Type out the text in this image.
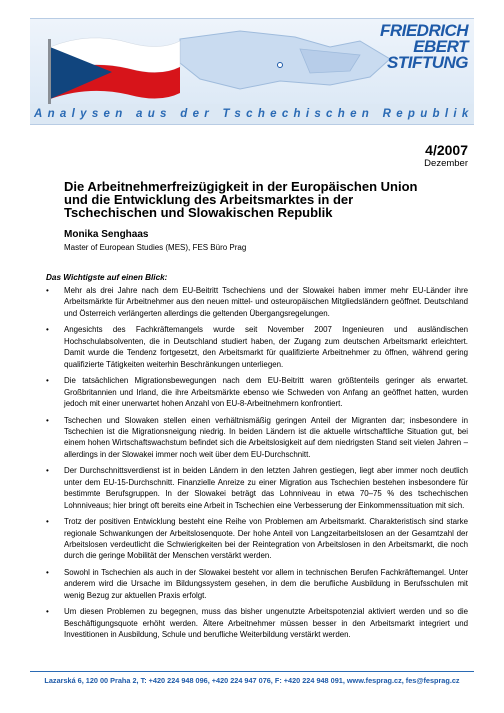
FRIEDRICH
EBERT
STIFTUNG
Analysen aus der Tschechischen Republik
4/2007
Dezember
Die Arbeitnehmerfreizügigkeit in der Europäischen Union
und die Entwicklung des Arbeitsmarktes in der
Tschechischen und Slowakischen Republik
Monika Senghaas
Master of European Studies (MES), FES Büro Prag
Das Wichtigste auf einen Blick:
• Mehr als drei Jahre nach dem EU-Beitritt Tschechiens und der Slowakei haben immer mehr EU-Länder ihre Arbeitsmärkte für Arbeitnehmer aus den neuen mittel- und osteuropäischen Mitgliedsländern geöffnet. Deutschland und Österreich verlängerten allerdings die geltenden Übergangsregelungen.
• Angesichts des Fachkräftemangels wurde seit November 2007 Ingenieuren und ausländischen Hochschulabsolventen, die in Deutschland studiert haben, der Zugang zum deutschen Arbeitsmarkt erleichtert. Damit wurde die Tendenz fortgesetzt, den Arbeitsmarkt für qualifizierte Arbeitnehmer zu öffnen, während gering qualifizierte Tätigkeiten weiterhin Beschränkungen unterliegen.
• Die tatsächlichen Migrationsbewegungen nach dem EU-Beitritt waren größtenteils geringer als erwartet. Großbritannien und Irland, die ihre Arbeitsmärkte ebenso wie Schweden von Anfang an geöffnet hatten, wurden jedoch mit einer unerwartet hohen Anzahl von EU-8-Arbeitnehmern konfrontiert.
• Tschechen und Slowaken stellen einen verhältnismäßig geringen Anteil der Migranten dar; insbesondere in Tschechien ist die Migrationsneigung niedrig. In beiden Ländern ist die aktuelle wirtschaftliche Situation gut, bei einem hohen Wirtschaftswachstum befindet sich die Arbeitslosigkeit auf dem niedrigsten Stand seit vielen Jahren – allerdings in der Slowakei immer noch weit über dem EU-Durchschnitt.
• Der Durchschnittsverdienst ist in beiden Ländern in den letzten Jahren gestiegen, liegt aber immer noch deutlich unter dem EU-15-Durchschnitt. Finanzielle Anreize zu einer Migration aus Tschechien bestehen insbesondere für bestimmte Berufsgruppen. In der Slowakei beträgt das Lohnniveau in etwa 70–75 % des tschechischen Lohnniveaus; hier bringt oft bereits eine Arbeit in Tschechien eine Verbesserung der Einkommenssituation mit sich.
• Trotz der positiven Entwicklung besteht eine Reihe von Problemen am Arbeitsmarkt. Charakteristisch sind starke regionale Schwankungen der Arbeitslosenquote. Der hohe Anteil von Langzeitarbeitslosen an der Gesamtzahl der Arbeitslosen verdeutlicht die Schwierigkeiten bei der Reintegration von Arbeitslosen in den Arbeitsmarkt, die noch durch die geringe Mobilität der Menschen verstärkt werden.
• Sowohl in Tschechien als auch in der Slowakei besteht vor allem in technischen Berufen Fachkräftemangel. Unter anderem wird die Ursache im Bildungssystem gesehen, in dem die berufliche Ausbildung in Berufsschulen mit wenig Bezug zur aktuellen Praxis erfolgt.
• Um diesen Problemen zu begegnen, muss das bisher ungenutzte Arbeitspotenzial aktiviert werden und so die Beschäftigungsquote erhöht werden. Ältere Arbeitnehmer müssen besser in den Arbeitsmarkt integriert und Investitionen in Ausbildung, Schule und berufliche Weiterbildung verstärkt werden.
Lazarská 6, 120 00 Praha 2, T: +420 224 948 096, +420 224 947 076, F: +420 224 948 091, www.fesprag.cz, fes@fesprag.cz
